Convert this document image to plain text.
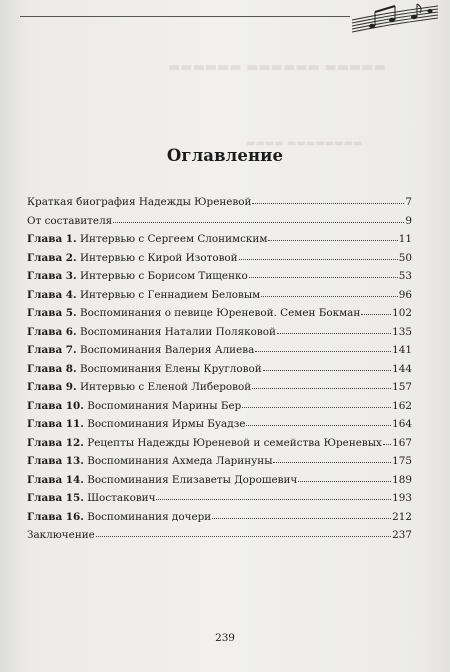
▬▬▬▬▬▬ ▬▬▬▬▬▬ ▬▬▬▬▬
▬▬▬▬ ▬▬▬▬▬▬▬▬
Оглавление
Краткая биография Надежды Юреневой	7
От составителя	9
Глава 1. Интервью с Сергеем Слонимским	11
Глава 2. Интервью с Кирой Изотовой	50
Глава 3. Интервью с Борисом Тищенко	53
Глава 4. Интервью с Геннадием Беловым	96
Глава 5. Воспоминания о певице Юреневой. Семен Бокман	102
Глава 6. Воспоминания Наталии Поляковой	135
Глава 7. Воспоминания Валерия Алиева	141
Глава 8. Воспоминания Елены Кругловой	144
Глава 9. Интервью с Еленой Либеровой	157
Глава 10. Воспоминания Марины Бер	162
Глава 11. Воспоминания Ирмы Буадзе	164
Глава 12. Рецепты Надежды Юреневой и семейства Юреневых 167
Глава 13. Воспоминания Ахмеда Ларинуны	175
Глава 14. Воспоминания Елизаветы Дорошевич	189
Глава 15. Шостакович	193
Глава 16. Воспоминания дочери	212
Заключение	237
239
